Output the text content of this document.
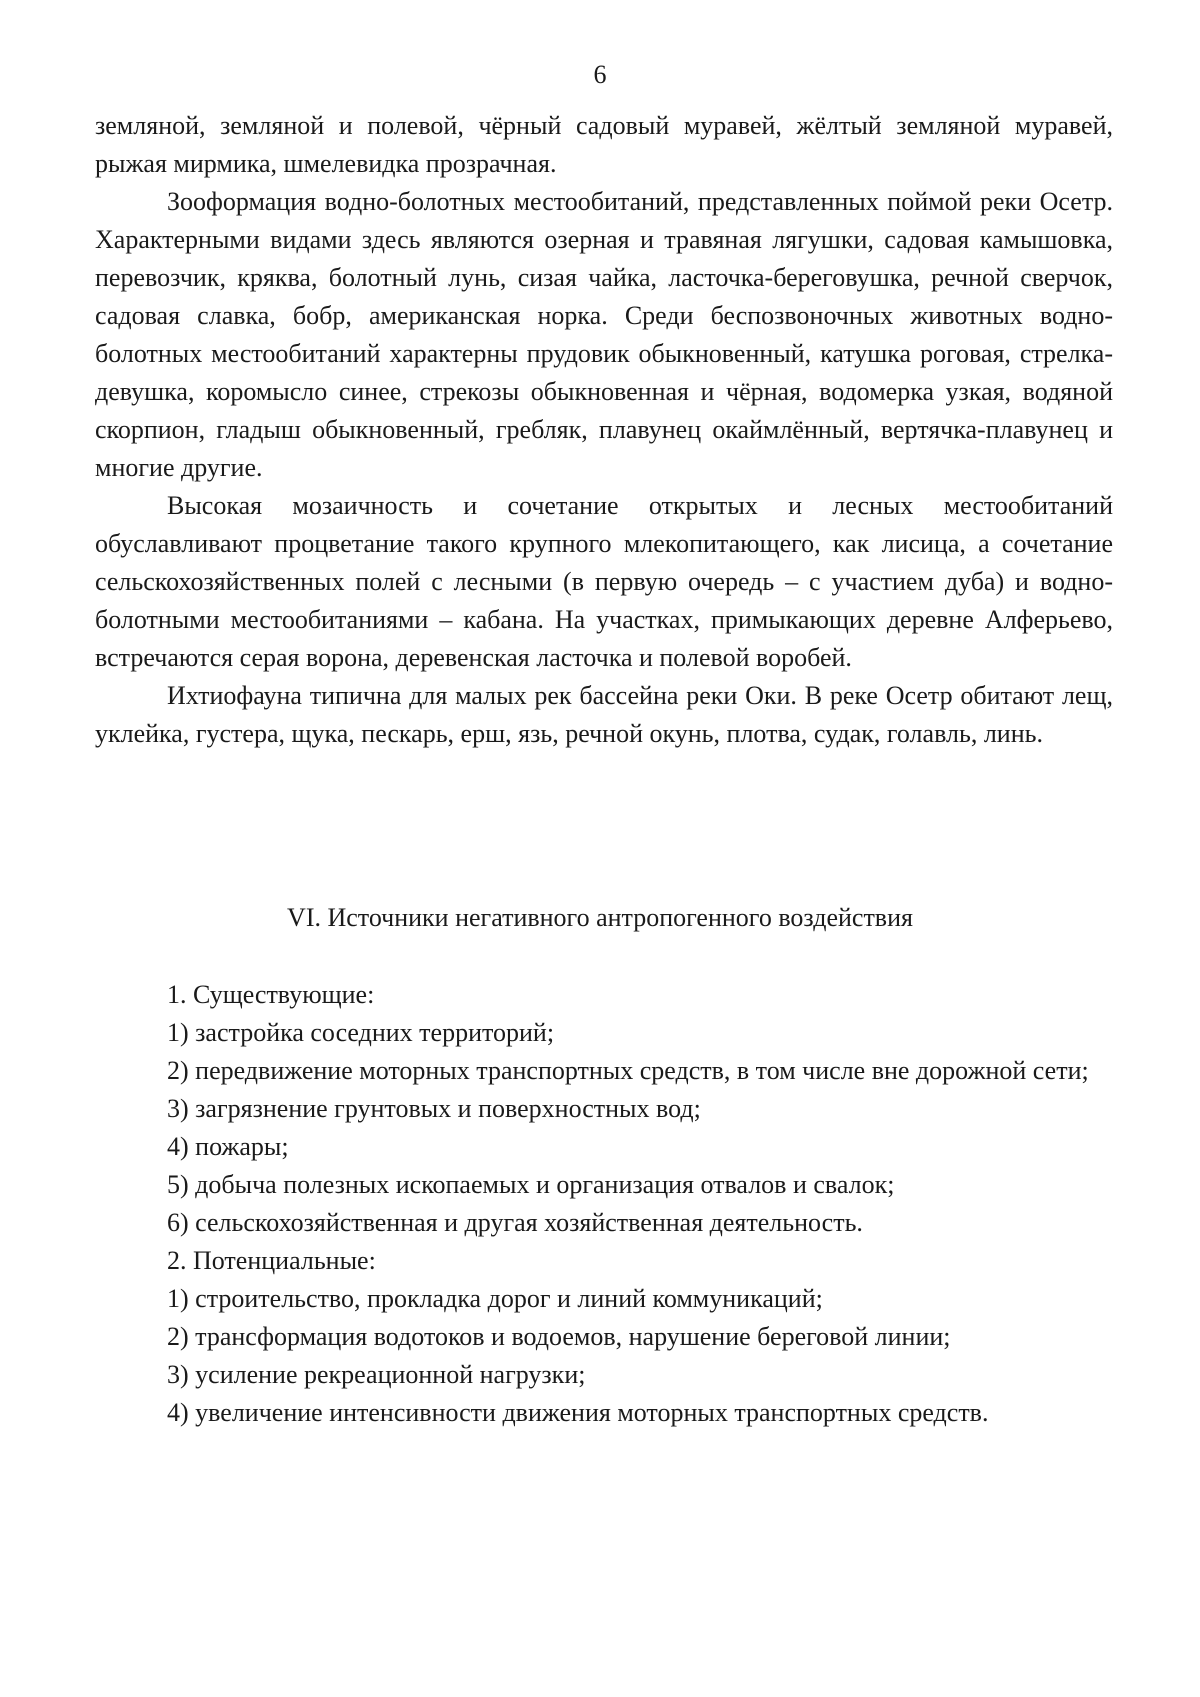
6

земляной, земляной и полевой, чёрный садовый муравей, жёлтый земляной муравей, рыжая мирмика, шмелевидка прозрачная.

Зооформация водно-болотных местообитаний, представленных поймой реки Осетр. Характерными видами здесь являются озерная и травяная лягушки, садовая камышовка, перевозчик, кряква, болотный лунь, сизая чайка, ласточка-береговушка, речной сверчок, садовая славка, бобр, американская норка. Среди беспозвоночных животных водно-болотных местообитаний характерны прудовик обыкновенный, катушка роговая, стрелка-девушка, коромысло синее, стрекозы обыкновенная и чёрная, водомерка узкая, водяной скорпион, гладыш обыкновенный, гребляк, плавунец окаймлённый, вертячка-плавунец и многие другие.

Высокая мозаичность и сочетание открытых и лесных местообитаний обуславливают процветание такого крупного млекопитающего, как лисица, а сочетание сельскохозяйственных полей с лесными (в первую очередь – с участием дуба) и водно-болотными местообитаниями – кабана. На участках, примыкающих деревне Алферьево, встречаются серая ворона, деревенская ласточка и полевой воробей.

Ихтиофауна типична для малых рек бассейна реки Оки. В реке Осетр обитают лещ, уклейка, густера, щука, пескарь, ерш, язь, речной окунь, плотва, судак, голавль, линь.

VI. Источники негативного антропогенного воздействия

1. Существующие:

1) застройка соседних территорий;

2) передвижение моторных транспортных средств, в том числе вне дорожной сети;

3) загрязнение грунтовых и поверхностных вод;

4) пожары;

5) добыча полезных ископаемых и организация отвалов и свалок;

6) сельскохозяйственная и другая хозяйственная деятельность.

2. Потенциальные:

1) строительство, прокладка дорог и линий коммуникаций;

2) трансформация водотоков и водоемов, нарушение береговой линии;

3) усиление рекреационной нагрузки;

4) увеличение интенсивности движения моторных транспортных средств.
